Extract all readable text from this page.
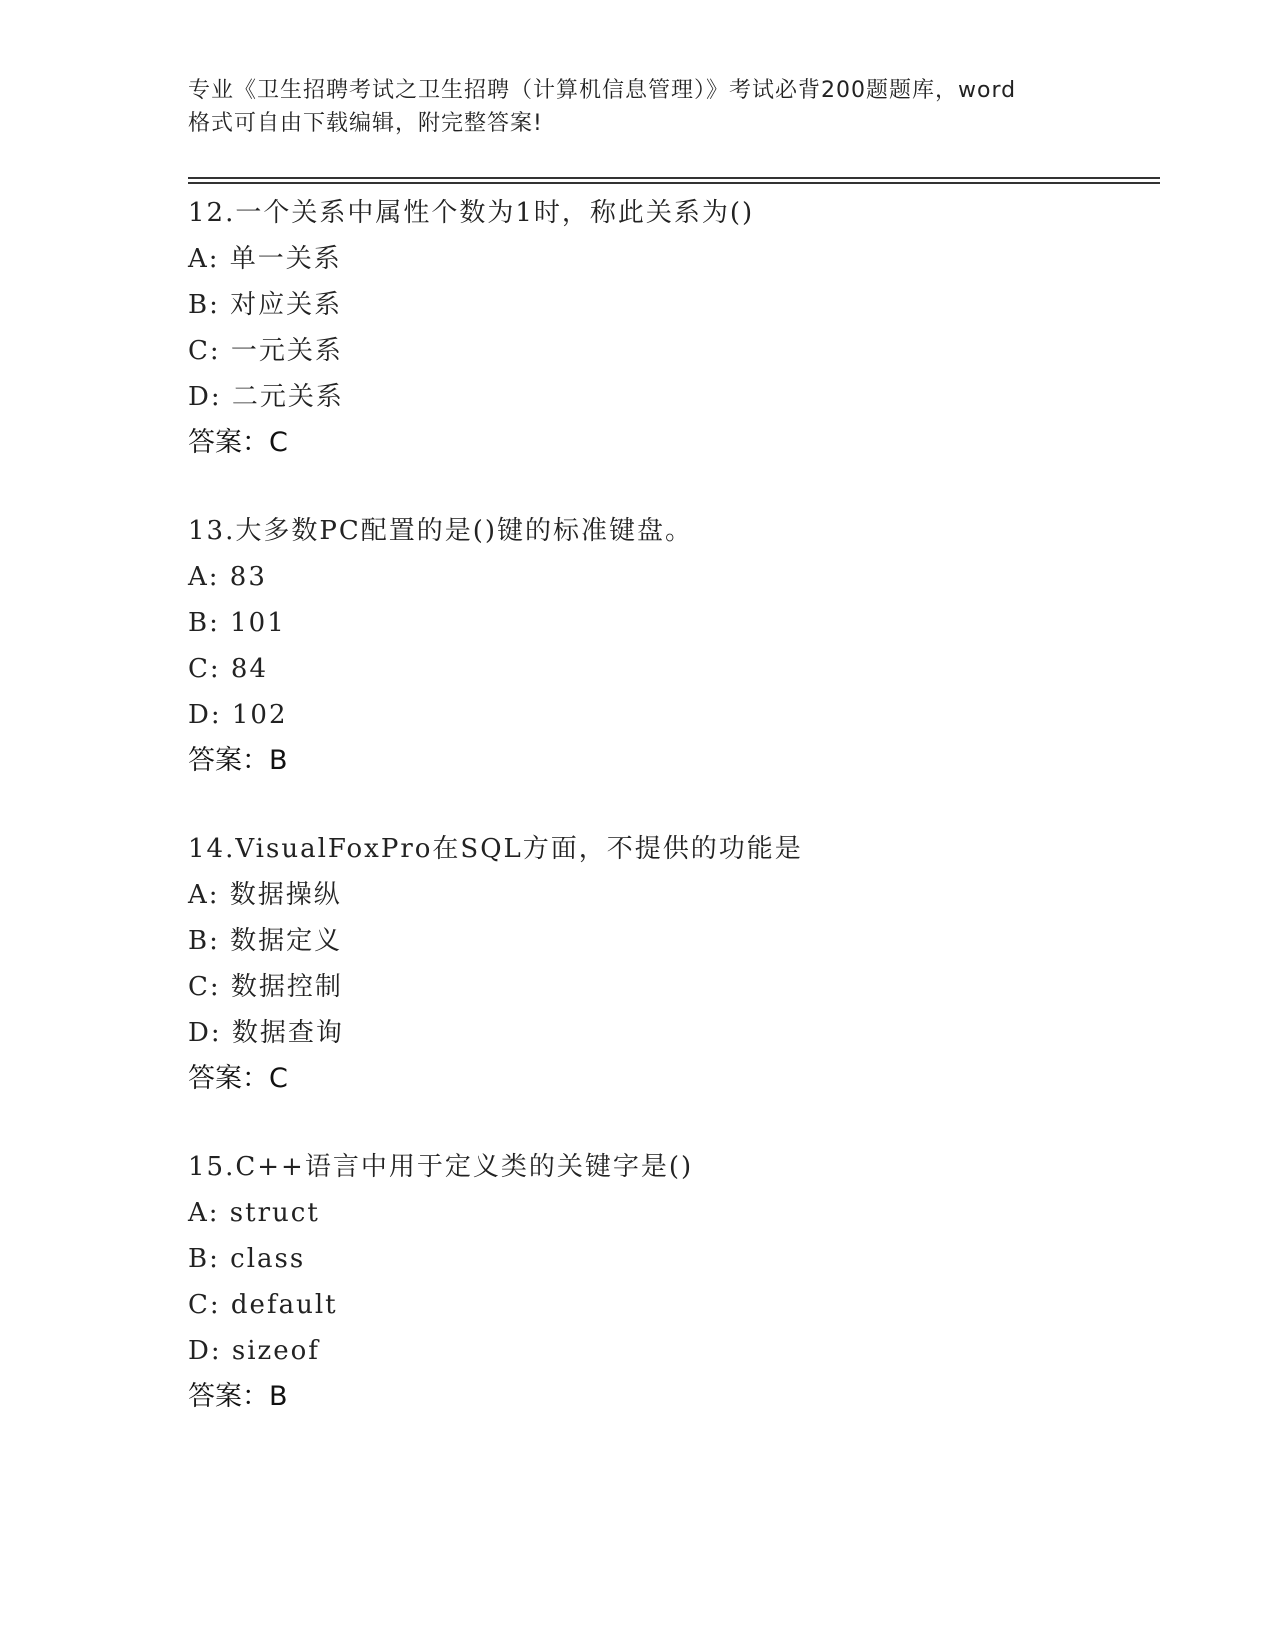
专业《卫生招聘考试之卫生招聘（计算机信息管理）》考试必背200题题库，word
格式可自由下载编辑，附完整答案!
12.一个关系中属性个数为1时，称此关系为()
A: 单一关系
B: 对应关系
C: 一元关系
D: 二元关系
答案：C
13.大多数PC配置的是()键的标准键盘。
A: 83
B: 101
C: 84
D: 102
答案：B
14.VisualFoxPro在SQL方面，不提供的功能是
A: 数据操纵
B: 数据定义
C: 数据控制
D: 数据查询
答案：C
15.C++语言中用于定义类的关键字是()
A: struct
B: class
C: default
D: sizeof
答案：B
